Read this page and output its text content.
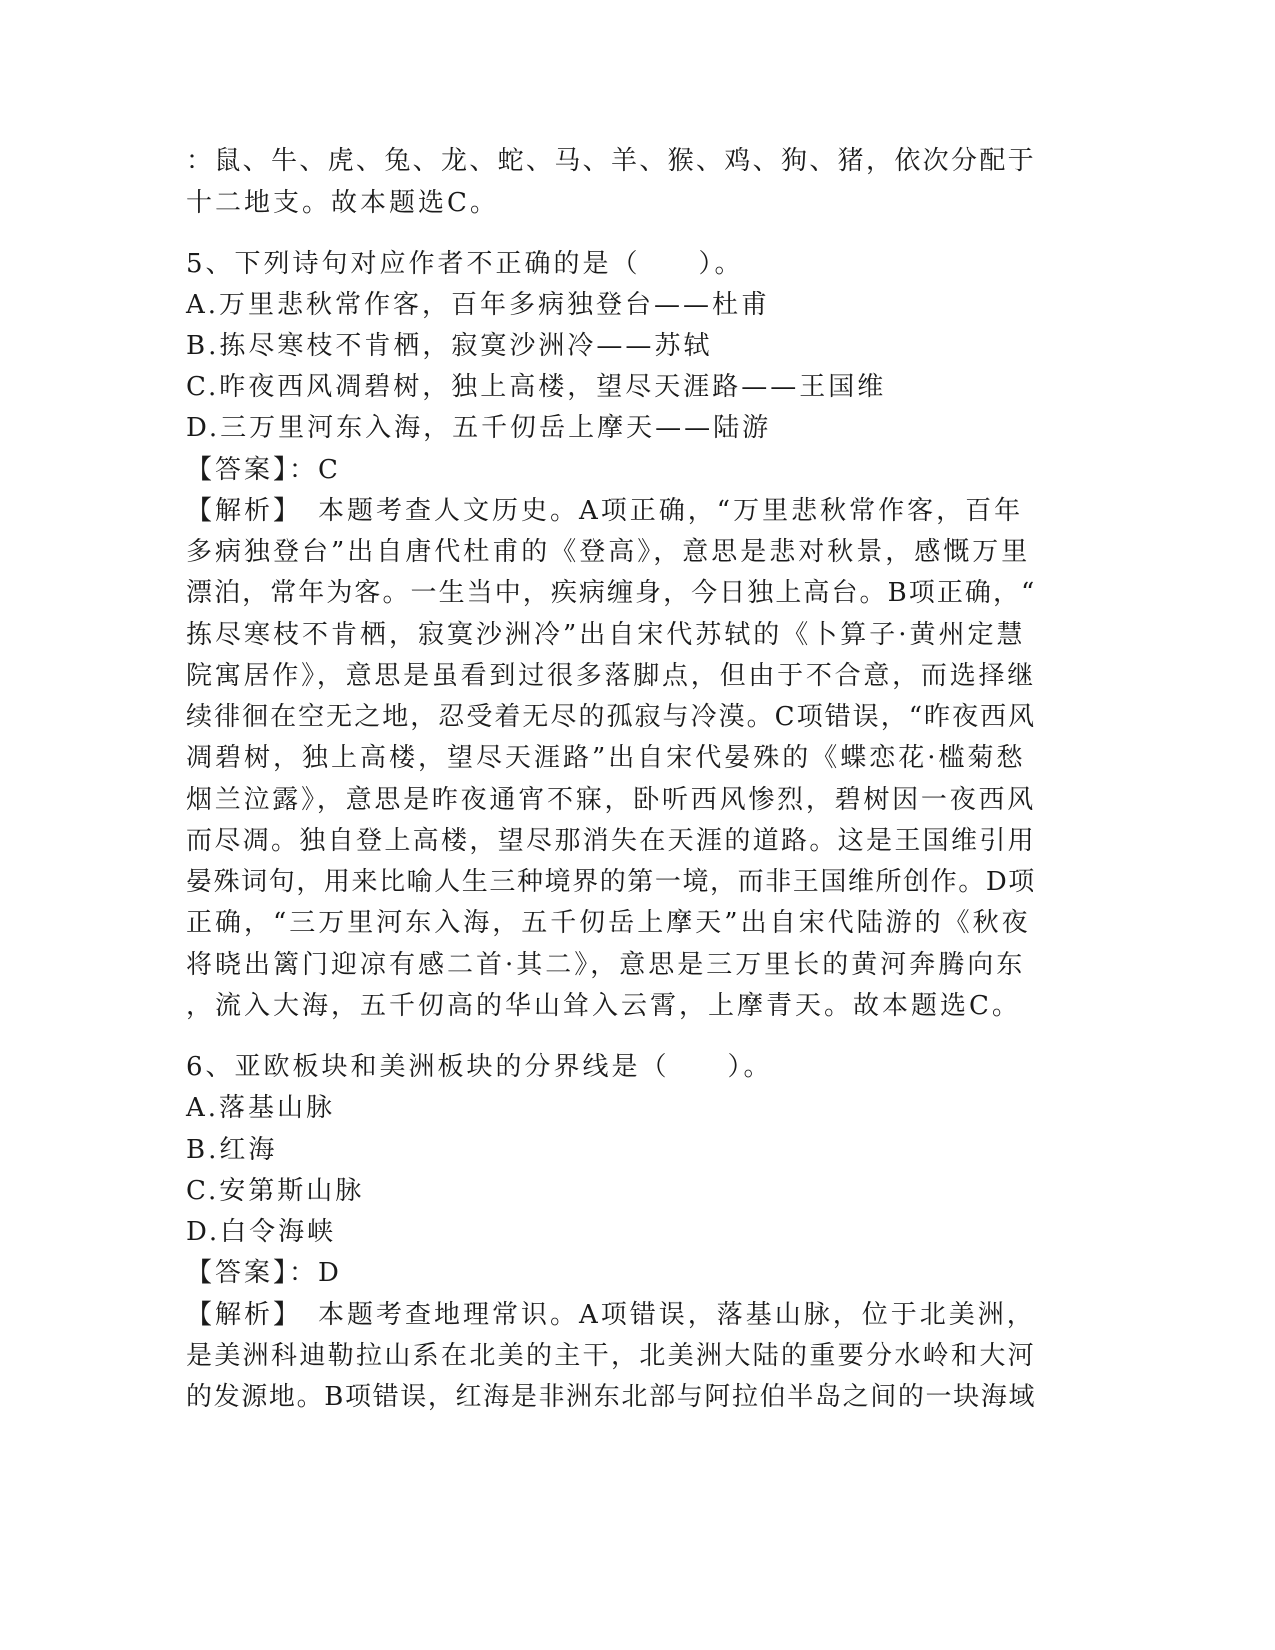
：鼠、牛、虎、兔、龙、蛇、马、羊、猴、鸡、狗、猪，依次分配于

十二地支。故本题选C。

5、下列诗句对应作者不正确的是（　　）。

A.万里悲秋常作客，百年多病独登台——杜甫

B.拣尽寒枝不肯栖，寂寞沙洲冷——苏轼

C.昨夜西风凋碧树，独上高楼，望尽天涯路——王国维

D.三万里河东入海，五千仞岳上摩天——陆游

【答案】：C

【解析】　本题考查人文历史。A项正确，“万里悲秋常作客，百年

多病独登台”出自唐代杜甫的《登高》，意思是悲对秋景，感慨万里

漂泊，常年为客。一生当中，疾病缠身，今日独上高台。B项正确，“

拣尽寒枝不肯栖，寂寞沙洲冷”出自宋代苏轼的《卜算子·黄州定慧

院寓居作》，意思是虽看到过很多落脚点，但由于不合意，而选择继

续徘徊在空无之地，忍受着无尽的孤寂与冷漠。C项错误，“昨夜西风

凋碧树，独上高楼，望尽天涯路”出自宋代晏殊的《蝶恋花·槛菊愁

烟兰泣露》，意思是昨夜通宵不寐，卧听西风惨烈，碧树因一夜西风

而尽凋。独自登上高楼，望尽那消失在天涯的道路。这是王国维引用

晏殊词句，用来比喻人生三种境界的第一境，而非王国维所创作。D项

正确，“三万里河东入海，五千仞岳上摩天”出自宋代陆游的《秋夜

将晓出篱门迎凉有感二首·其二》，意思是三万里长的黄河奔腾向东

，流入大海，五千仞高的华山耸入云霄，上摩青天。故本题选C。

6、亚欧板块和美洲板块的分界线是（　　）。

A.落基山脉

B.红海

C.安第斯山脉

D.白令海峡

【答案】：D

【解析】　本题考查地理常识。A项错误，落基山脉，位于北美洲，

是美洲科迪勒拉山系在北美的主干，北美洲大陆的重要分水岭和大河

的发源地。B项错误，红海是非洲东北部与阿拉伯半岛之间的一块海域
